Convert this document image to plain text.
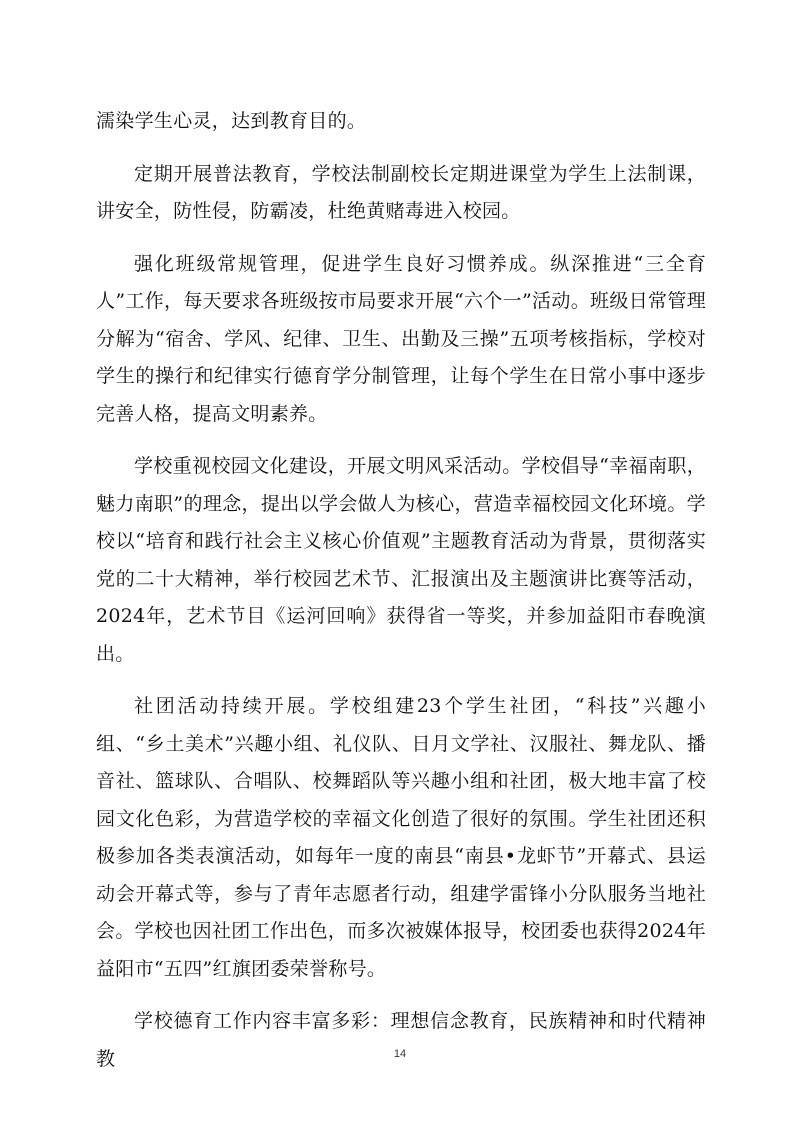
濡染学生心灵，达到教育目的。

定期开展普法教育，学校法制副校长定期进课堂为学生上法制课，讲安全，防性侵，防霸凌，杜绝黄赌毒进入校园。

强化班级常规管理，促进学生良好习惯养成。纵深推进“三全育人”工作，每天要求各班级按市局要求开展“六个一”活动。班级日常管理分解为“宿舍、学风、纪律、卫生、出勤及三操”五项考核指标，学校对学生的操行和纪律实行德育学分制管理，让每个学生在日常小事中逐步完善人格，提高文明素养。

学校重视校园文化建设，开展文明风采活动。学校倡导“幸福南职，魅力南职”的理念，提出以学会做人为核心，营造幸福校园文化环境。学校以“培育和践行社会主义核心价值观”主题教育活动为背景，贯彻落实党的二十大精神，举行校园艺术节、汇报演出及主题演讲比赛等活动，2024年，艺术节目《运河回响》获得省一等奖，并参加益阳市春晚演出。

社团活动持续开展。学校组建23个学生社团，“科技”兴趣小组、“乡土美术”兴趣小组、礼仪队、日月文学社、汉服社、舞龙队、播音社、篮球队、合唱队、校舞蹈队等兴趣小组和社团，极大地丰富了校园文化色彩，为营造学校的幸福文化创造了很好的氛围。学生社团还积极参加各类表演活动，如每年一度的南县“南县•龙虾节”开幕式、县运动会开幕式等，参与了青年志愿者行动，组建学雷锋小分队服务当地社会。学校也因社团工作出色，而多次被媒体报导，校团委也获得2024年益阳市“五四”红旗团委荣誉称号。

学校德育工作内容丰富多彩：理想信念教育，民族精神和时代精神教	14
